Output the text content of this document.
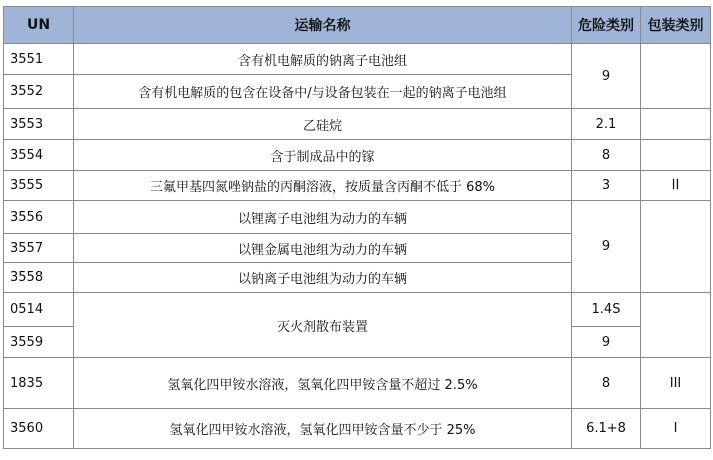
UN	运输名称	危险类别	包装类别
3551	含有机电解质的钠离子电池组	9	
3552	含有机电解质的包含在设备中/与设备包装在一起的钠离子电池组		
3553	乙硅烷	2.1	
3554	含于制成品中的镓	8	
3555	三氟甲基四氮唑钠盐的丙酮溶液，按质量含丙酮不低于 68%	3	II
3556	以锂离子电池组为动力的车辆	9	
3557	以锂金属电池组为动力的车辆		
3558	以钠离子电池组为动力的车辆		
0514	灭火剂散布装置	1.4S	
3559		9	
1835	氢氧化四甲铵水溶液，氢氧化四甲铵含量不超过 2.5%	8	III
3560	氢氧化四甲铵水溶液，氢氧化四甲铵含量不少于 25%	6.1+8	I
